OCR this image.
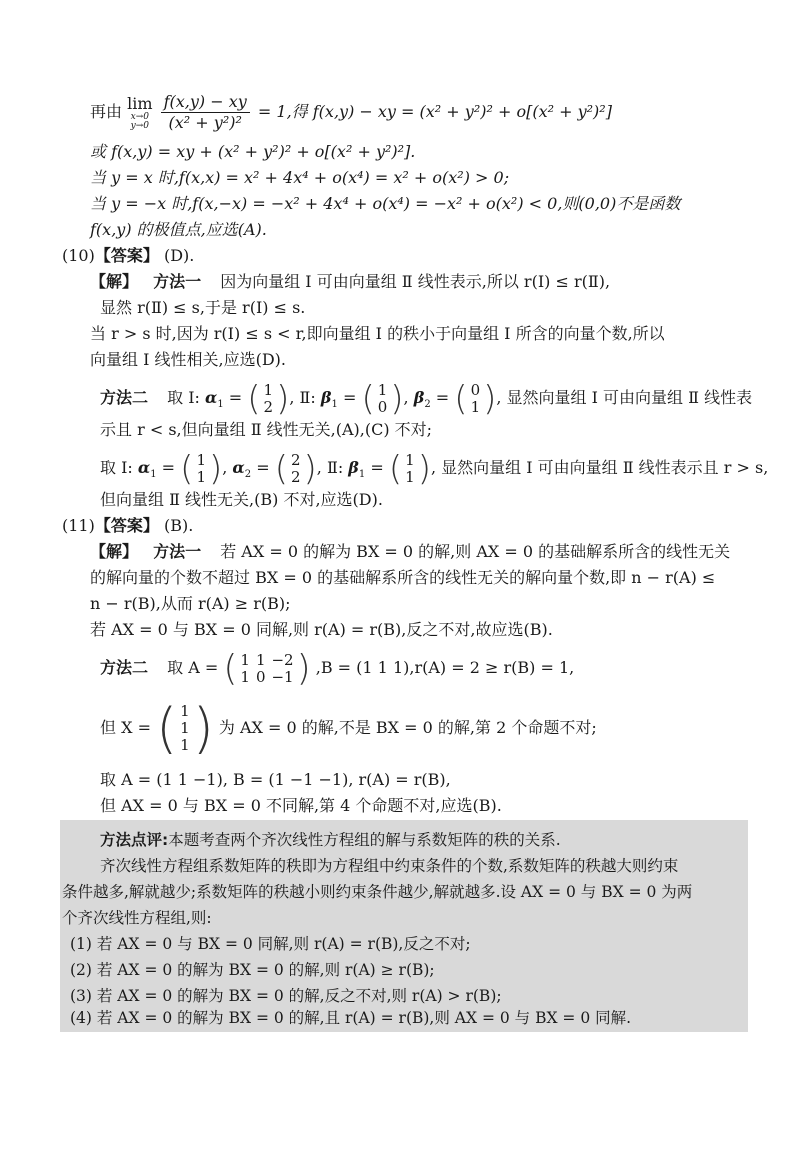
再由 lim
x→0
y→0
$\frac{f(x,y) - xy}{\text{(x² + y²)²}} = 1$,得 f(x,y) − xy = (x² + y²)² + o[(x² + y²)²]
或 f(x,y) = xy + (x² + y²)² + o[(x² + y²)²].
当 y = x 时,f(x,x) = x² + 4x⁴ + o(x⁴) = x² + o(x²) > 0;
当 y = −x 时,f(x,−x) = −x² + 4x⁴ + o(x⁴) = −x² + o(x²) < 0,则(0,0)不是函数
f(x,y) 的极值点,应选(A).
(10)【答案】 (D).
【解】 方法一 因为向量组 Ⅰ 可由向量组 Ⅱ 线性表示,所以 r(Ⅰ) ≤ r(Ⅱ),
显然 r(Ⅱ) ≤ s,于是 r(Ⅰ) ≤ s.
当 r > s 时,因为 r(Ⅰ) ≤ s < r,即向量组 Ⅰ 的秩小于向量组 Ⅰ 所含的向量个数,所以
向量组 Ⅰ 线性相关,应选(D).
方法二 取 Ⅰ: $\alpha_1$ = ( 1
2 ), Ⅱ: $\beta_1$ = ( 1
0 ), $\beta_2$ = ( 0
1 ), 显然向量组 Ⅰ 可由向量组 Ⅱ 线性表
示且 r < s,但向量组 Ⅱ 线性无关,(A),(C) 不对;
取 Ⅰ: $\alpha_1$ = ( 1
1 ), $\alpha_2$ = ( 2
2 ), Ⅱ: $\beta_1$ = ( 1
1 ), 显然向量组 Ⅰ 可由向量组 Ⅱ 线性表示且 r > s,
但向量组 Ⅱ 线性无关,(B) 不对,应选(D).
(11)【答案】 (B).
【解】 方法一 若 AX = 0 的解为 BX = 0 的解,则 AX = 0 的基础解系所含的线性无关
的解向量的个数不超过 BX = 0 的基础解系所含的线性无关的解向量个数,即 n − r(A) ≤
n − r(B),从而 r(A) ≥ r(B);
若 AX = 0 与 BX = 0 同解,则 r(A) = r(B),反之不对,故应选(B).
方法二 取 A = ( 1	1	−2
1	0	−1 ) ,B = (1 1 1),r(A) = 2 ≥ r(B) = 1,
但 X = ( 1
1
1 ) 为 AX = 0 的解,不是 BX = 0 的解,第 2 个命题不对;
取 A = (1 1 −1), B = (1 −1 −1), r(A) = r(B),
但 AX = 0 与 BX = 0 不同解,第 4 个命题不对,应选(B).
方法点评:本题考查两个齐次线性方程组的解与系数矩阵的秩的关系.
齐次线性方程组系数矩阵的秩即为方程组中约束条件的个数,系数矩阵的秩越大则约束
条件越多,解就越少;系数矩阵的秩越小则约束条件越少,解就越多.设 AX = 0 与 BX = 0 为两
个齐次线性方程组,则:
(1) 若 AX = 0 与 BX = 0 同解,则 r(A) = r(B),反之不对;
(2) 若 AX = 0 的解为 BX = 0 的解,则 r(A) ≥ r(B);
(3) 若 AX = 0 的解为 BX = 0 的解,反之不对,则 r(A) > r(B);
(4) 若 AX = 0 的解为 BX = 0 的解,且 r(A) = r(B),则 AX = 0 与 BX = 0 同解.
